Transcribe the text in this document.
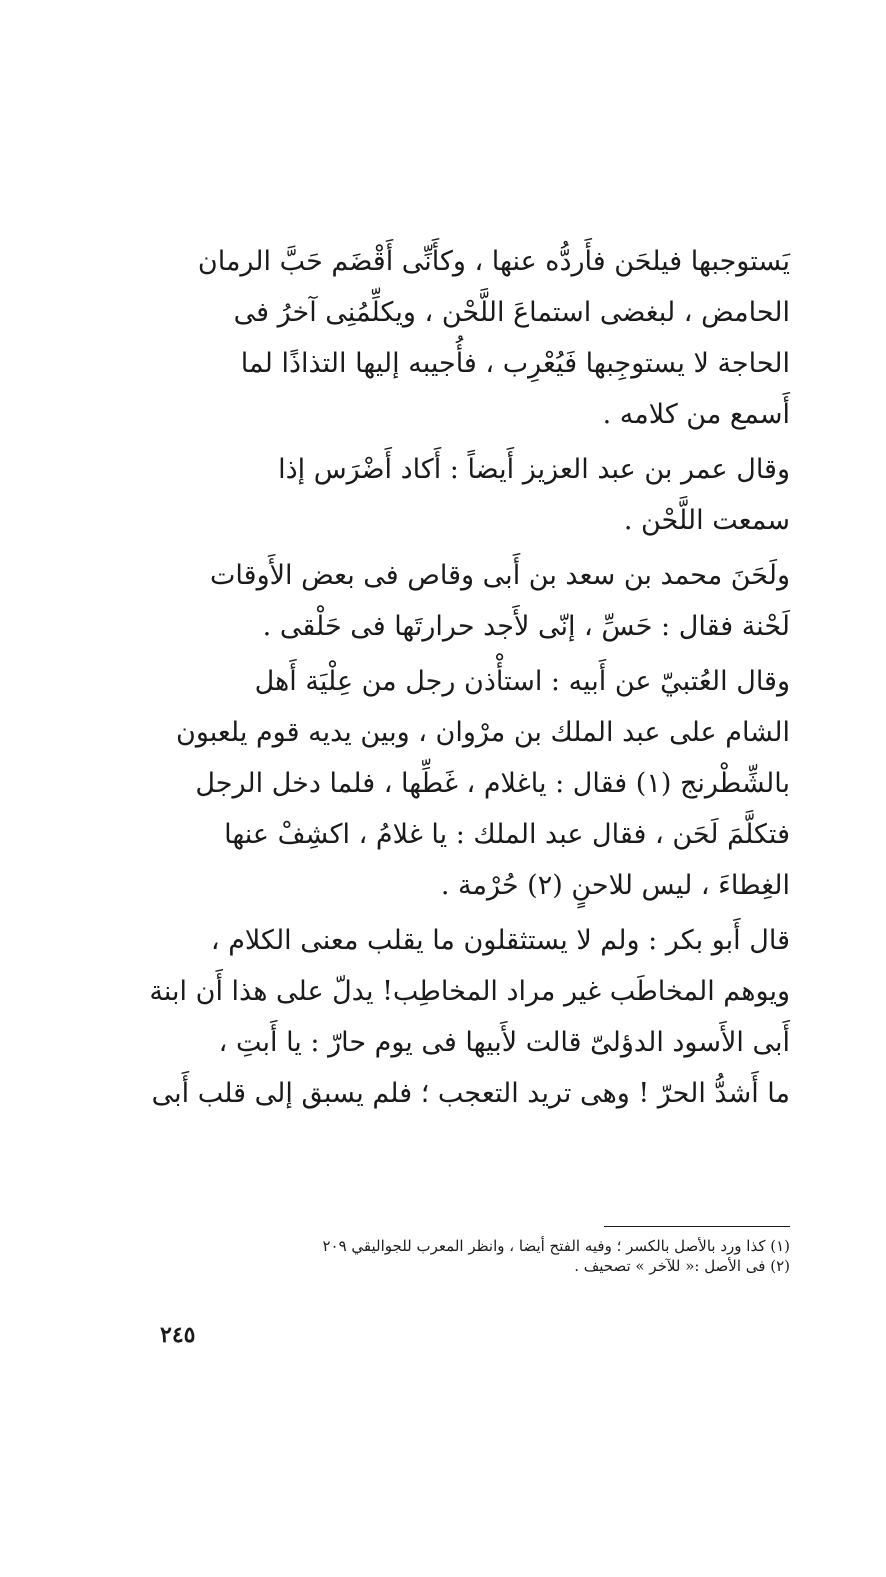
يَستوجبها فيلحَن فأَردُّه عنها ، وكأَنِّى أَقْضَم حَبَّ الرمان

الحامض ، لبغضى استماعَ اللَّحْن ، ويكلِّمُنِى آخرُ فى

الحاجة لا يستوجِبها فَيُعْرِب ، فأُجيبه إليها التذاذًا لما

أَسمع من كلامه .

وقال عمر بن عبد العزيز أَيضاً : أَكاد أَضْرَس إذا

سمعت اللَّحْن .

ولَحَنَ محمد بن سعد بن أَبى وقاص فى بعض الأَوقات

لَحْنة فقال : حَسِّ ، إنّى لأَجد حرارتَها فى حَلْقى .

وقال العُتبيّ عن أَبيه : استأْذن رجل من عِلْيَة أَهل

الشام على عبد الملك بن مرْوان ، وبين يديه قوم يلعبون

بالشِّطْرنج (١) فقال : ياغلام ، غَطِّها ، فلما دخل الرجل

فتكلَّمَ لَحَن ، فقال عبد الملك : يا غلامُ ، اكشِفْ عنها

الغِطاءَ ، ليس للاحنٍ (٢) حُرْمة .

قال أَبو بكر : ولم لا يستثقلون ما يقلب معنى الكلام ،

ويوهم المخاطَب غير مراد المخاطِب! يدلّ على هذا أَن ابنة

أَبى الأَسود الدؤلىّ قالت لأَبيها فى يوم حارّ : يا أَبتِ ،

ما أَشدُّ الحرّ ! وهى تريد التعجب ؛ فلم يسبق إلى قلب أَبى

(١) كذا ورد بالأصل بالكسر ؛ وفيه الفتح أيضا ، وانظر المعرب للجواليقي ٢٠٩
(٢) فى الأصل :« للآخر » تصحيف .
٢٤٥
